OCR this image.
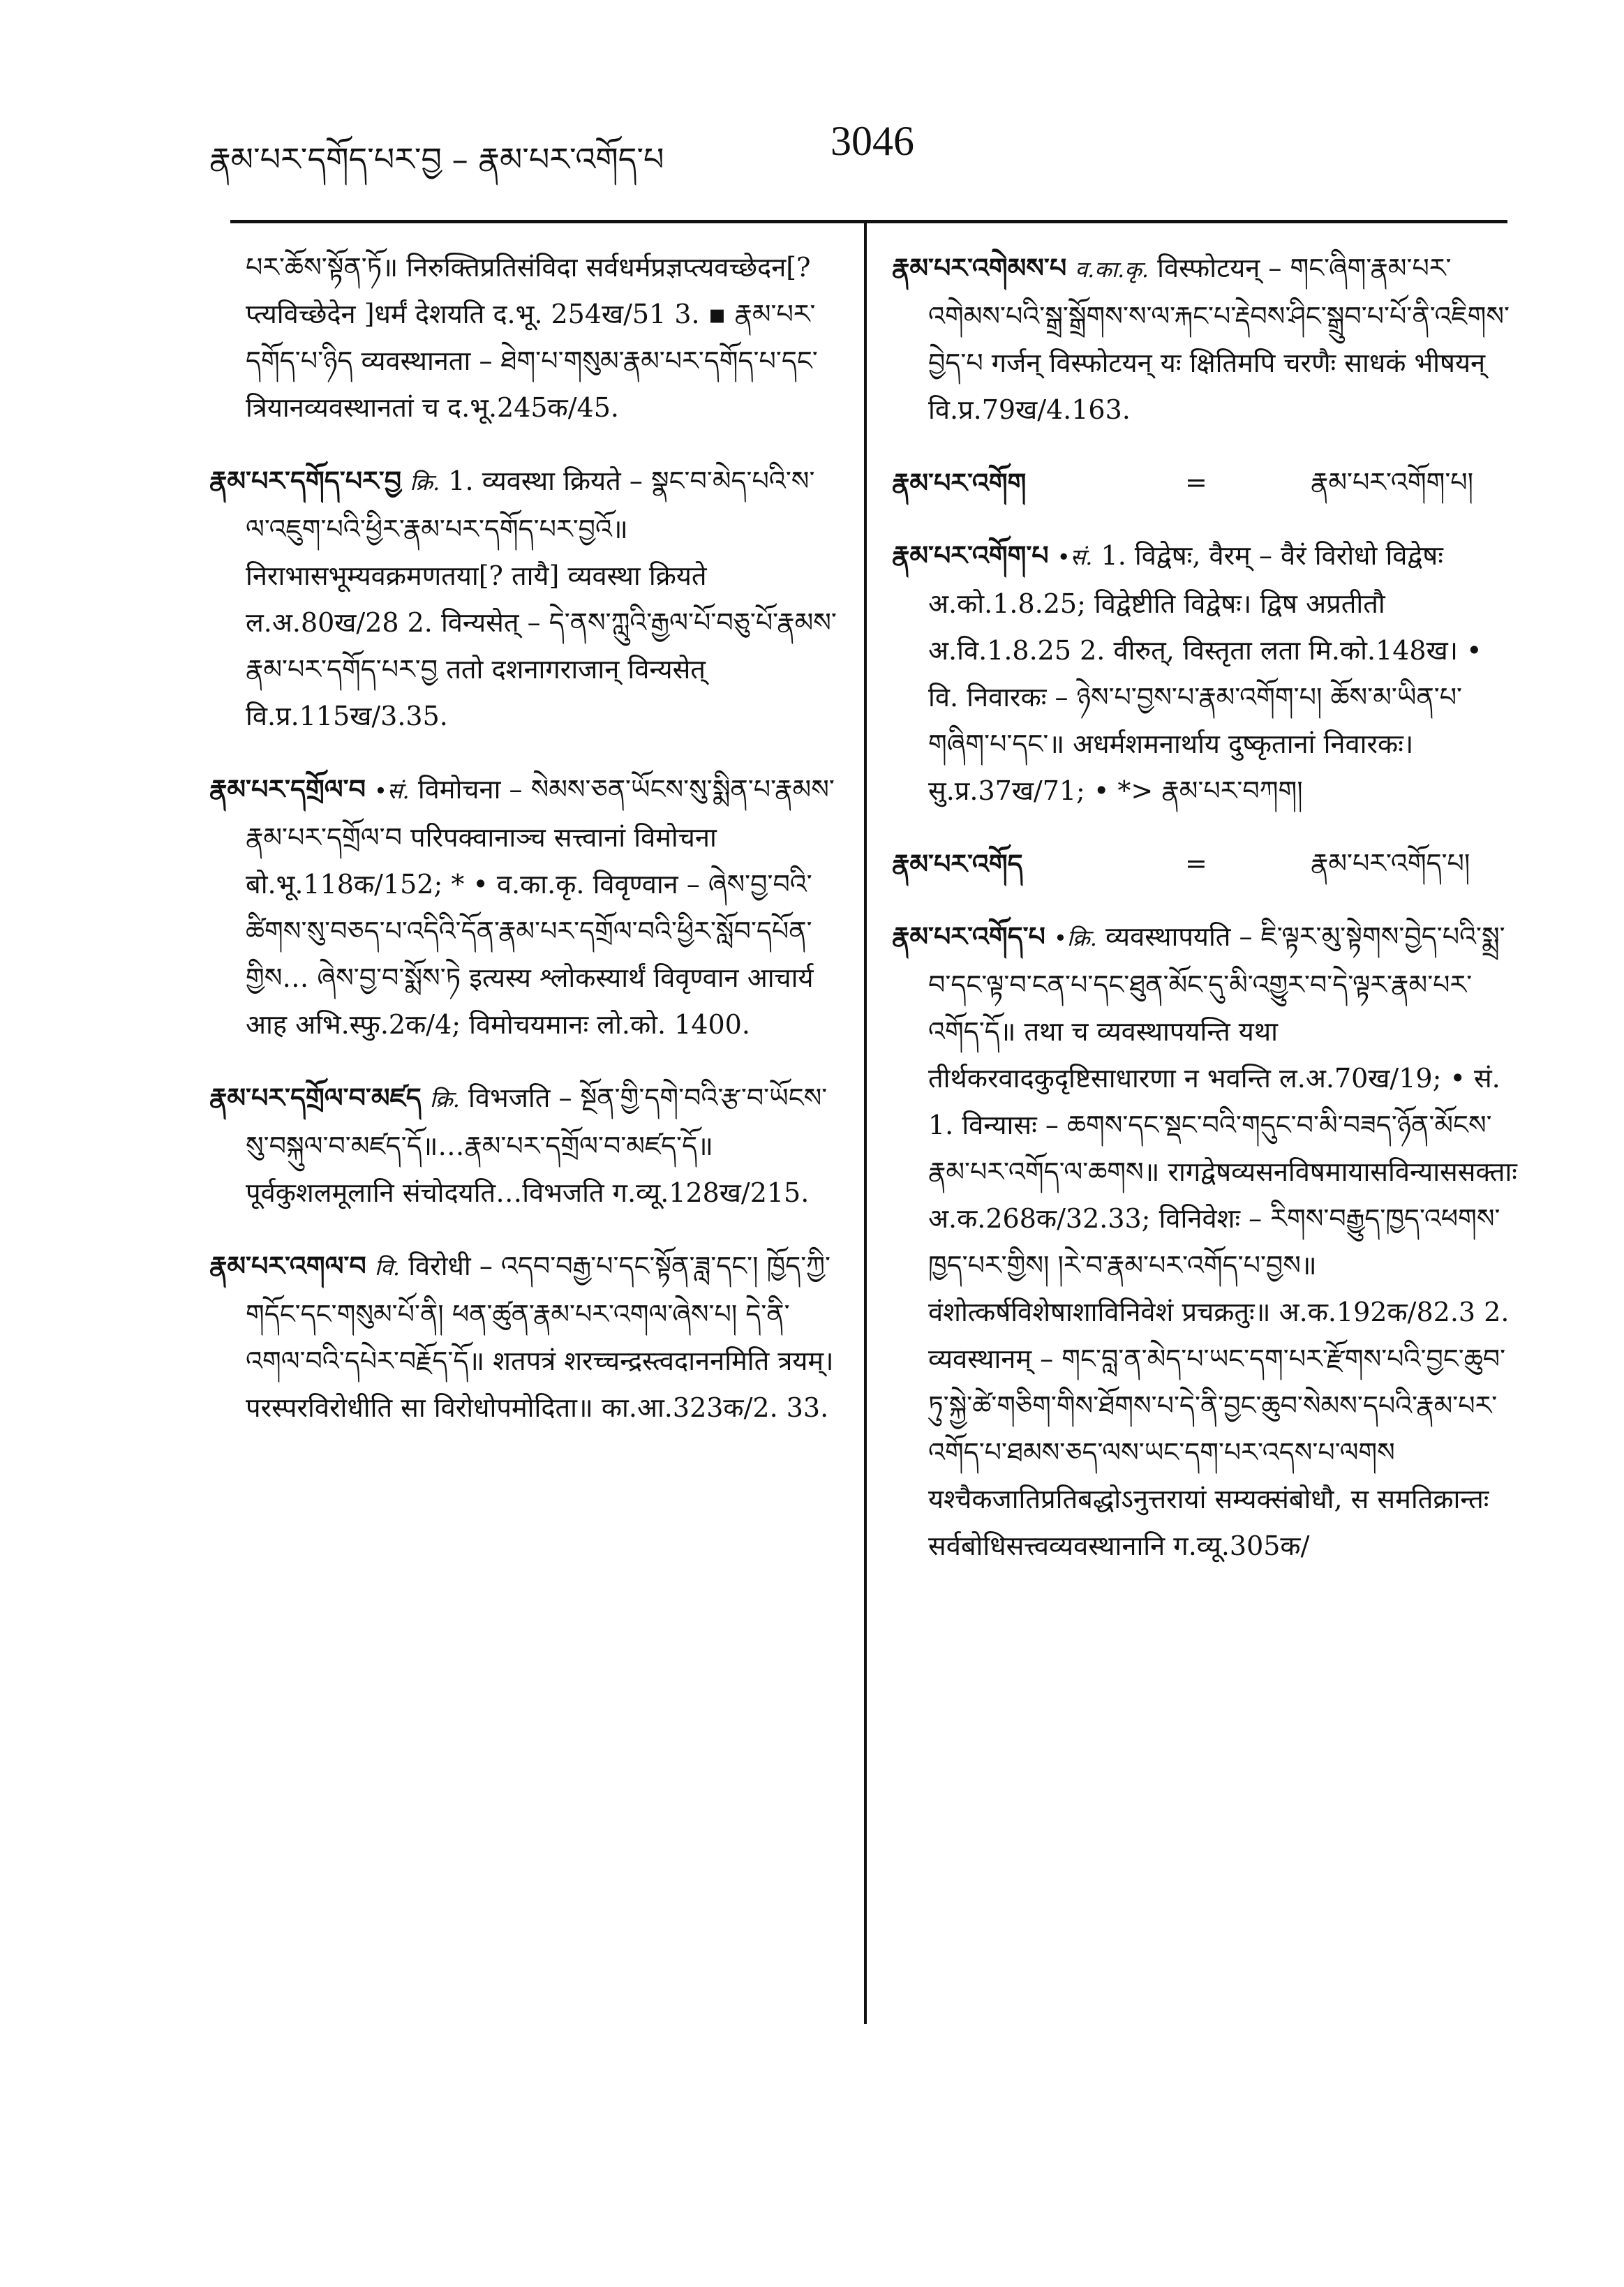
རྣམ་པར་དགོད་པར་བྱ – རྣམ་པར་འགོད་པ	3046

པར་ཆོས་སྟོན་ཏོ॥ निरुक्तिप्रतिसंविदा सर्वधर्मप्रज्ञप्त्यवच्छेदन[? प्त्यविच्छेदेन ]धर्मं देशयति द.भू. 254ख/51 3. ▪ རྣམ་པར་དགོད་པ་ཉིད व्यवस्थानता – ཐེག་པ་གསུམ་རྣམ་པར་དགོད་པ་དང་ त्रियानव्यवस्थानतां च द.भू.245क/45.

རྣམ་པར་དགོད་པར་བྱ क्रि. 1. व्यवस्था क्रियते – སྣང་བ་མེད་པའི་ས་ལ་འཇུག་པའི་ཕྱིར་རྣམ་པར་དགོད་པར་བྱའོ॥ निराभासभूम्यवक्रमणतया[? तायै] व्यवस्था क्रियते ल.अ.80ख/28 2. विन्यसेत् – དེ་ནས་ཀླུའི་རྒྱལ་པོ་བཅུ་པོ་རྣམས་རྣམ་པར་དགོད་པར་བྱ ततो दशनागराजान् विन्यसेत् वि.प्र.115ख/3.35.

རྣམ་པར་དགྲོལ་བ •सं. विमोचना – སེམས་ཅན་ཡོངས་སུ་སྨིན་པ་རྣམས་རྣམ་པར་དགྲོལ་བ परिपक्वानाञ्च सत्त्वानां विमोचना बो.भू.118क/152; * • व.का.कृ. विवृण्वान – ཞེས་བྱ་བའི་ཚིགས་སུ་བཅད་པ་འདིའི་དོན་རྣམ་པར་དགྲོལ་བའི་ཕྱིར་སློབ་དཔོན་གྱིས… ཞེས་བྱ་བ་སྨོས་ཏེ इत्यस्य श्लोकस्यार्थं विवृण्वान आचार्य आह अभि.स्फु.2क/4; विमोचयमानः लो.को. 1400.

རྣམ་པར་དགྲོལ་བ་མཛད क्रि. विभजति – སྔོན་གྱི་དགེ་བའི་རྩ་བ་ཡོངས་སུ་བསྐུལ་བ་མཛད་དོ॥…རྣམ་པར་དགྲོལ་བ་མཛད་དོ॥ पूर्वकुशलमूलानि संचोदयति…विभजति ग.व्यू.128ख/215.

རྣམ་པར་འགལ་བ वि. विरोधी – འདབ་བརྒྱ་པ་དང་སྟོན་ཟླ་དང་། ཁྱོད་ཀྱི་གདོང་དང་གསུམ་པོ་ནི། ཕན་ཚུན་རྣམ་པར་འགལ་ཞེས་པ། དེ་ནི་འགལ་བའི་དཔེར་བརྗོད་དོ॥ शतपत्रं शरच्चन्द्रस्त्वदाननमिति त्रयम्। परस्परविरोधीति सा विरोधोपमोदिता॥ का.आ.323क/2. 33.

རྣམ་པར་འགེམས་པ व.का.कृ. विस्फोटयन् – གང་ཞིག་རྣམ་པར་འགེམས་པའི་སྒྲ་སྒྲོགས་ས་ལ་རྐང་པ་རྡེབས་ཤིང་སྒྲུབ་པ་པོ་ནི་འཇིགས་བྱེད་པ गर्जन् विस्फोटयन् यः क्षितिमपि चरणैः साधकं भीषयन् वि.प्र.79ख/4.163.

རྣམ་པར་འགོག	=	རྣམ་པར་འགོག་པ།

རྣམ་པར་འགོག་པ •सं. 1. विद्वेषः, वैरम् – वैरं विरोधो विद्वेषः अ.को.1.8.25; विद्वेष्टीति विद्वेषः। द्विष अप्रतीतौ अ.वि.1.8.25 2. वीरुत्, विस्तृता लता मि.को.148ख। • वि. निवारकः – ཉེས་པ་བྱས་པ་རྣམ་འགོག་པ། ཆོས་མ་ཡིན་པ་གཞིག་པ་དང་॥ अधर्मशमनार्थाय दुष्कृतानां निवारकः। सु.प्र.37ख/71; • *> རྣམ་པར་བཀག།

རྣམ་པར་འགོད	=	རྣམ་པར་འགོད་པ།

རྣམ་པར་འགོད་པ •क्रि. व्यवस्थापयति – ཇི་ལྟར་མུ་སྟེགས་བྱེད་པའི་སྨྲ་བ་དང་ལྟ་བ་ངན་པ་དང་ཐུན་མོང་དུ་མི་འགྱུར་བ་དེ་ལྟར་རྣམ་པར་འགོད་དོ॥ तथा च व्यवस्थापयन्ति यथा तीर्थकरवादकुदृष्टिसाधारणा न भवन्ति ल.अ.70ख/19; • सं. 1. विन्यासः – ཆགས་དང་སྡང་བའི་གདུང་བ་མི་བཟད་ཉོན་མོངས་རྣམ་པར་འགོད་ལ་ཆགས॥ रागद्वेषव्यसनविषमायासविन्याससक्ताः अ.क.268क/32.33; विनिवेशः – རིགས་བརྒྱུད་ཁྱད་འཕགས་ཁྱད་པར་གྱིས། །རེ་བ་རྣམ་པར་འགོད་པ་བྱས॥ वंशोत्कर्षविशेषाशाविनिवेशं प्रचक्रतुः॥ अ.क.192क/82.3 2. व्यवस्थानम् – གང་བླ་ན་མེད་པ་ཡང་དག་པར་རྫོགས་པའི་བྱང་ཆུབ་ཏུ་སྐྱེ་ཚེ་གཅིག་གིས་ཐོགས་པ་དེ་ནི་བྱང་ཆུབ་སེམས་དཔའི་རྣམ་པར་འགོད་པ་ཐམས་ཅད་ལས་ཡང་དག་པར་འདས་པ་ལགས यश्चैकजातिप्रतिबद्धोऽनुत्तरायां सम्यक्संबोधौ, स समतिक्रान्तः सर्वबोधिसत्त्वव्यवस्थानानि ग.व्यू.305क/
